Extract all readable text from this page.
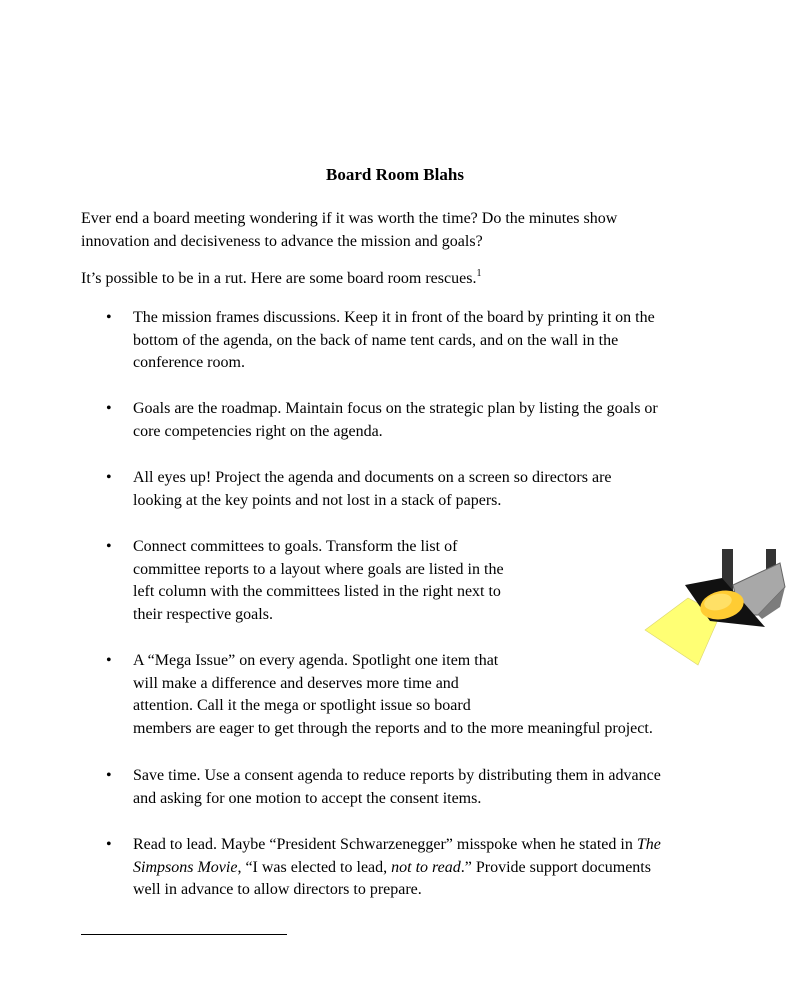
Board Room Blahs
Ever end a board meeting wondering if it was worth the time? Do the minutes show
innovation and decisiveness to advance the mission and goals?
It’s possible to be in a rut. Here are some board room rescues.$^1$
• The mission frames discussions. Keep it in front of the board by printing it on the
bottom of the agenda, on the back of name tent cards, and on the wall in the
conference room.
• Goals are the roadmap. Maintain focus on the strategic plan by listing the goals or
core competencies right on the agenda.
• All eyes up! Project the agenda and documents on a screen so directors are
looking at the key points and not lost in a stack of papers.
• Connect committees to goals. Transform the list of
committee reports to a layout where goals are listed in the
left column with the committees listed in the right next to
their respective goals.
• A “Mega Issue” on every agenda. Spotlight one item that
will make a difference and deserves more time and
attention. Call it the mega or spotlight issue so board
members are eager to get through the reports and to the more meaningful project.
• Save time. Use a consent agenda to reduce reports by distributing them in advance
and asking for one motion to accept the consent items.
• Read to lead. Maybe “President Schwarzenegger” misspoke when he stated in The
Simpsons Movie, “I was elected to lead, not to read.” Provide support documents
well in advance to allow directors to prepare.
